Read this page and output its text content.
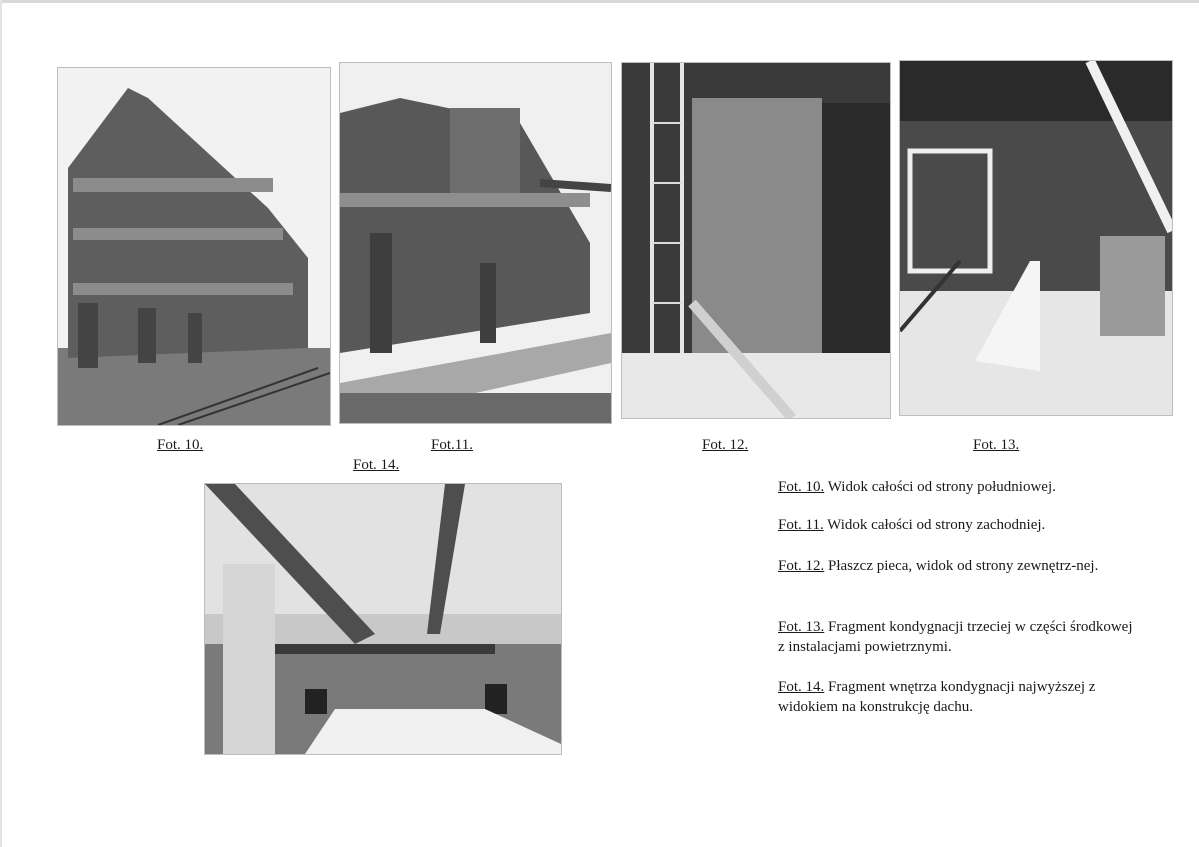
Fot. 10.	Fot.11.	Fot. 12.	Fot. 13.
Fot. 14.

Fot. 10. Widok całości od strony południowej.

Fot. 11. Widok całości od strony zachodniej.

Fot. 12. Płaszcz pieca, widok od strony zewnętrz-nej.

Fot. 13. Fragment kondygnacji trzeciej w części środkowej z instalacjami powietrznymi.

Fot. 14. Fragment wnętrza kondygnacji najwyższej z widokiem na konstrukcję dachu.
